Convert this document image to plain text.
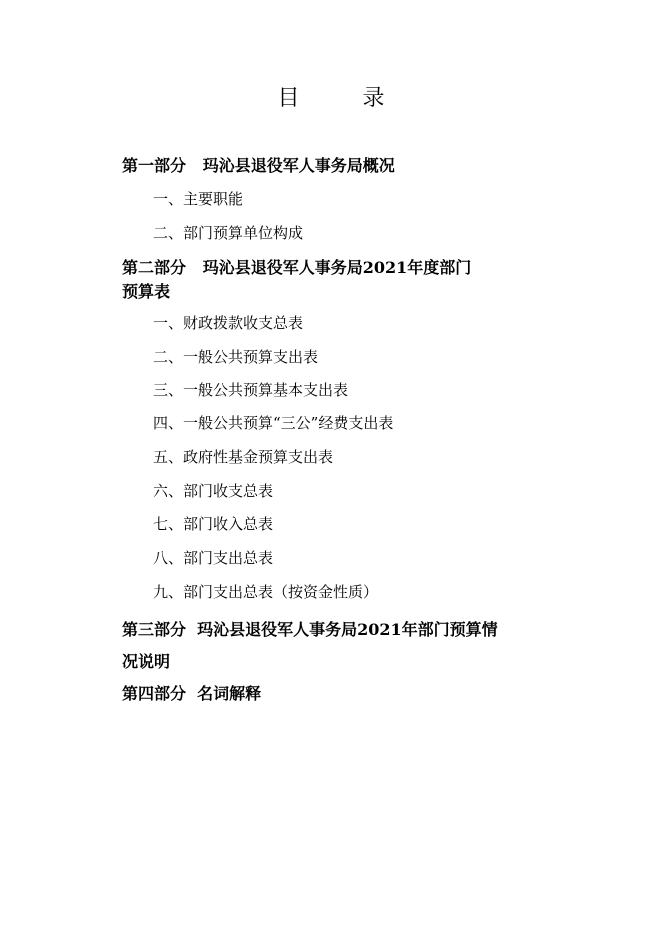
目 录
第一部分   玛沁县退役军人事务局概况
一、主要职能
二、部门预算单位构成
第二部分   玛沁县退役军人事务局2021年度部门
预算表
一、财政拨款收支总表
二、一般公共预算支出表
三、一般公共预算基本支出表
四、一般公共预算“三公”经费支出表
五、政府性基金预算支出表
六、部门收支总表
七、部门收入总表
八、部门支出总表
九、部门支出总表（按资金性质）
第三部分  玛沁县退役军人事务局2021年部门预算情
况说明
第四部分  名词解释
